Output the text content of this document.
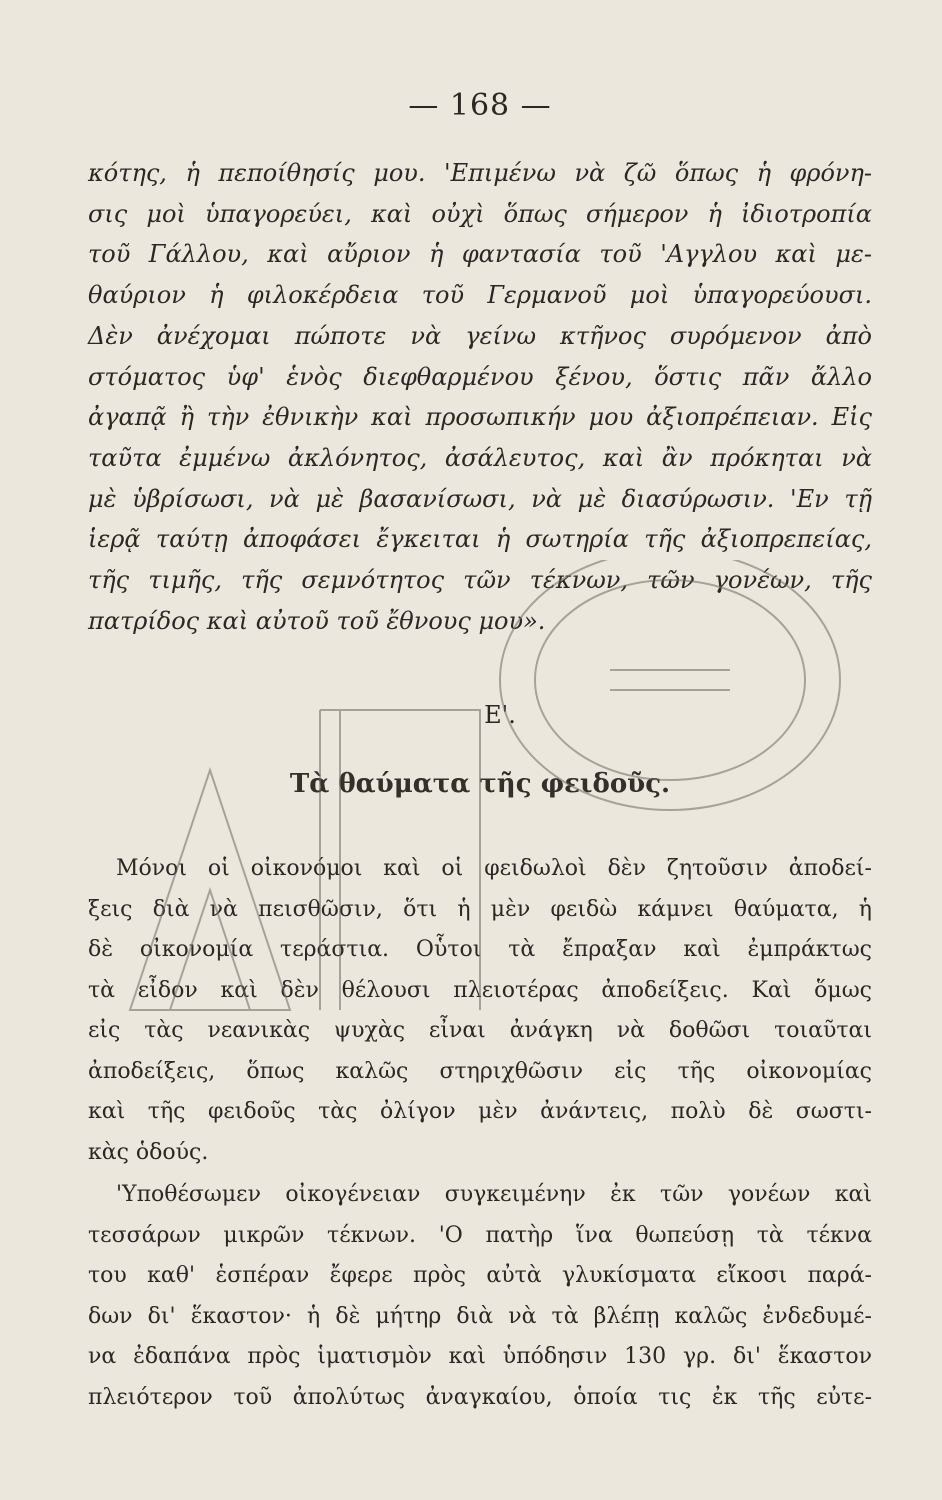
— 168 —

κότης, ἡ πεποίθησίς μου. 'Επιμένω νὰ ζῶ ὅπως ἡ φρόνη-

σις μοὶ ὑπαγορεύει, καὶ οὐχὶ ὅπως σήμερον ἡ ἰδιοτροπία

τοῦ Γάλλου, καὶ αὔριον ἡ φαντασία τοῦ 'Αγγλου καὶ με-

θαύριον ἡ φιλοκέρδεια τοῦ Γερμανοῦ μοὶ ὑπαγορεύουσι.

Δὲν ἀνέχομαι πώποτε νὰ γείνω κτῆνος συρόμενον ἀπὸ

στόματος ὑφ' ἑνὸς διεφθαρμένου ξένου, ὅστις πᾶν ἄλλο

ἀγαπᾷ ἢ τὴν ἐθνικὴν καὶ προσωπικήν μου ἀξιοπρέπειαν. Εἰς

ταῦτα ἐμμένω ἀκλόνητος, ἀσάλευτος, καὶ ἂν πρόκηται νὰ

μὲ ὑβρίσωσι, νὰ μὲ βασανίσωσι, νὰ μὲ διασύρωσιν. 'Εν τῇ

ἱερᾷ ταύτῃ ἀποφάσει ἔγκειται ἡ σωτηρία τῆς ἀξιοπρεπείας,

τῆς τιμῆς, τῆς σεμνότητος τῶν τέκνων, τῶν γονέων, τῆς

πατρίδος καὶ αὐτοῦ τοῦ ἔθνους μου».

Ε'.
Τὰ θαύματα τῆς φειδοῦς.

Μόνοι οἱ οἰκονόμοι καὶ οἱ φειδωλοὶ δὲν ζητοῦσιν ἀποδεί-

ξεις διὰ νὰ πεισθῶσιν, ὅτι ἡ μὲν φειδὼ κάμνει θαύματα, ἡ

δὲ οἰκονομία τεράστια. Οὗτοι τὰ ἔπραξαν καὶ ἐμπράκτως

τὰ εἶδον καὶ δὲν θέλουσι πλειοτέρας ἀποδείξεις. Καὶ ὅμως

εἰς τὰς νεανικὰς ψυχὰς εἶναι ἀνάγκη νὰ δοθῶσι τοιαῦται

ἀποδείξεις, ὅπως καλῶς στηριχθῶσιν εἰς τῆς οἰκονομίας

καὶ τῆς φειδοῦς τὰς ὀλίγον μὲν ἀνάντεις, πολὺ δὲ σωστι-

κὰς ὁδούς.

'Υποθέσωμεν οἰκογένειαν συγκειμένην ἐκ τῶν γονέων καὶ

τεσσάρων μικρῶν τέκνων. 'Ο πατὴρ ἵνα θωπεύσῃ τὰ τέκνα

του καθ' ἑσπέραν ἔφερε πρὸς αὐτὰ γλυκίσματα εἴκοσι παρά-

δων δι' ἕκαστον· ἡ δὲ μήτηρ διὰ νὰ τὰ βλέπῃ καλῶς ἐνδεδυμέ-

να ἐδαπάνα πρὸς ἱματισμὸν καὶ ὑπόδησιν 130 γρ. δι' ἕκαστον

πλειότερον τοῦ ἀπολύτως ἀναγκαίου, ὁποία τις ἐκ τῆς εὐτε-
